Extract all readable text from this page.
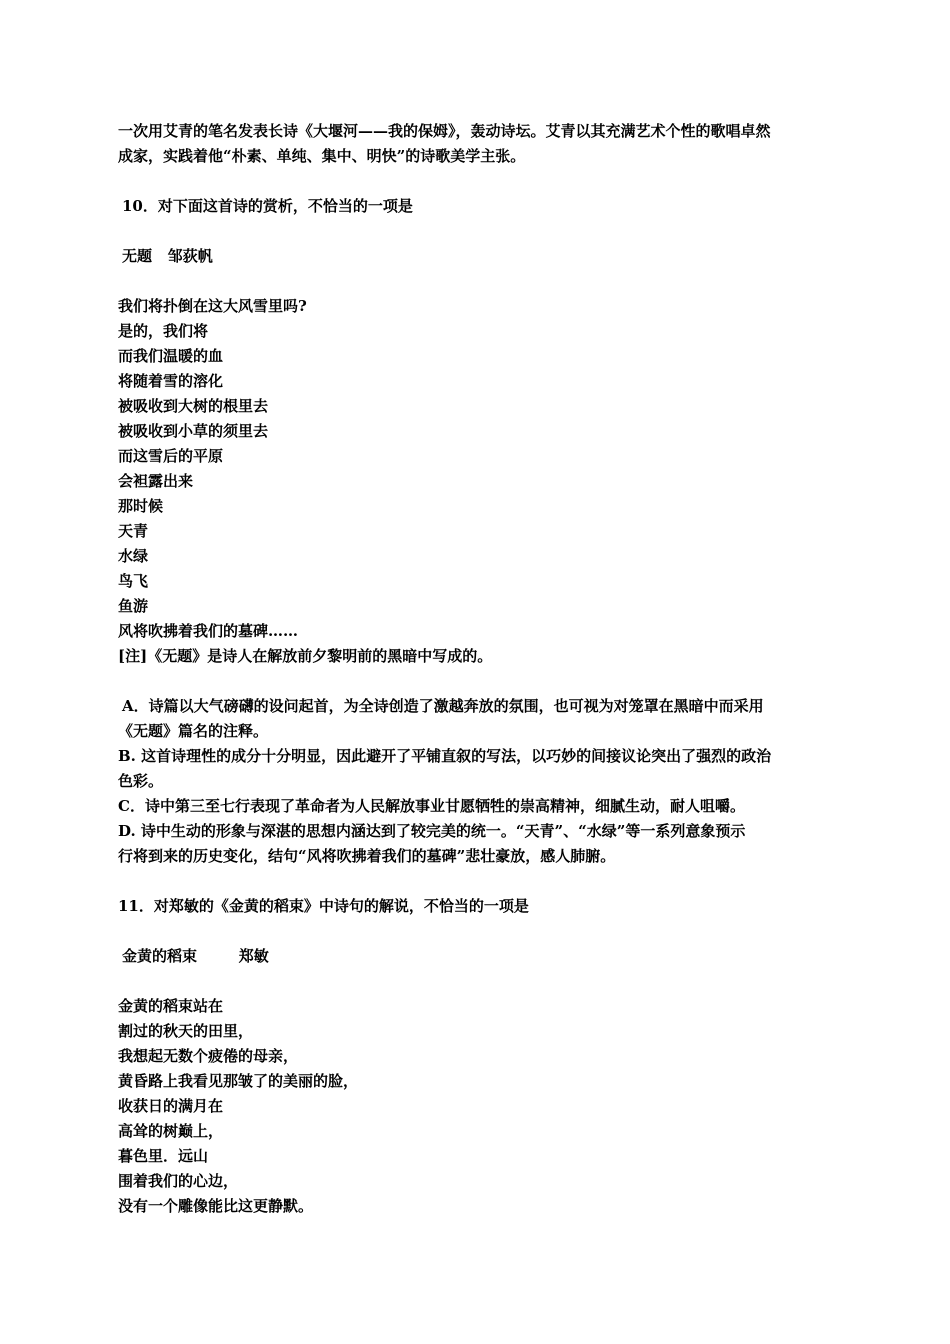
一次用艾青的笔名发表长诗《大堰河——我的保姆》，轰动诗坛。艾青以其充满艺术个性的歌唱卓然
成家，实践着他“朴素、单纯、集中、明快”的诗歌美学主张。
10．对下面这首诗的赏析，不恰当的一项是
无题 邹荻帆
我们将扑倒在这大风雪里吗?
是的，我们将
而我们温暖的血
将随着雪的溶化
被吸收到大树的根里去
被吸收到小草的须里去
而这雪后的平原
会袒露出来
那时候
天青
水绿
鸟飞
鱼游
风将吹拂着我们的墓碑……
[注]《无题》是诗人在解放前夕黎明前的黑暗中写成的。
A．诗篇以大气磅礴的设问起首，为全诗创造了激越奔放的氛围，也可视为对笼罩在黑暗中而采用
《无题》篇名的注释。
B. 这首诗理性的成分十分明显，因此避开了平铺直叙的写法，以巧妙的间接议论突出了强烈的政治
色彩。
C．诗中第三至七行表现了革命者为人民解放事业甘愿牺牲的崇高精神，细腻生动，耐人咀嚼。
D. 诗中生动的形象与深湛的思想内涵达到了较完美的统一。“天青”、“水绿”等一系列意象预示
行将到来的历史变化，结句“风将吹拂着我们的墓碑”悲壮豪放，感人肺腑。
11．对郑敏的《金黄的稻束》中诗句的解说，不恰当的一项是
金黄的稻束	郑敏
金黄的稻束站在
割过的秋天的田里，
我想起无数个疲倦的母亲，
黄昏路上我看见那皱了的美丽的脸，
收获日的满月在
高耸的树巅上，
暮色里．远山
围着我们的心边，
没有一个雕像能比这更静默。
